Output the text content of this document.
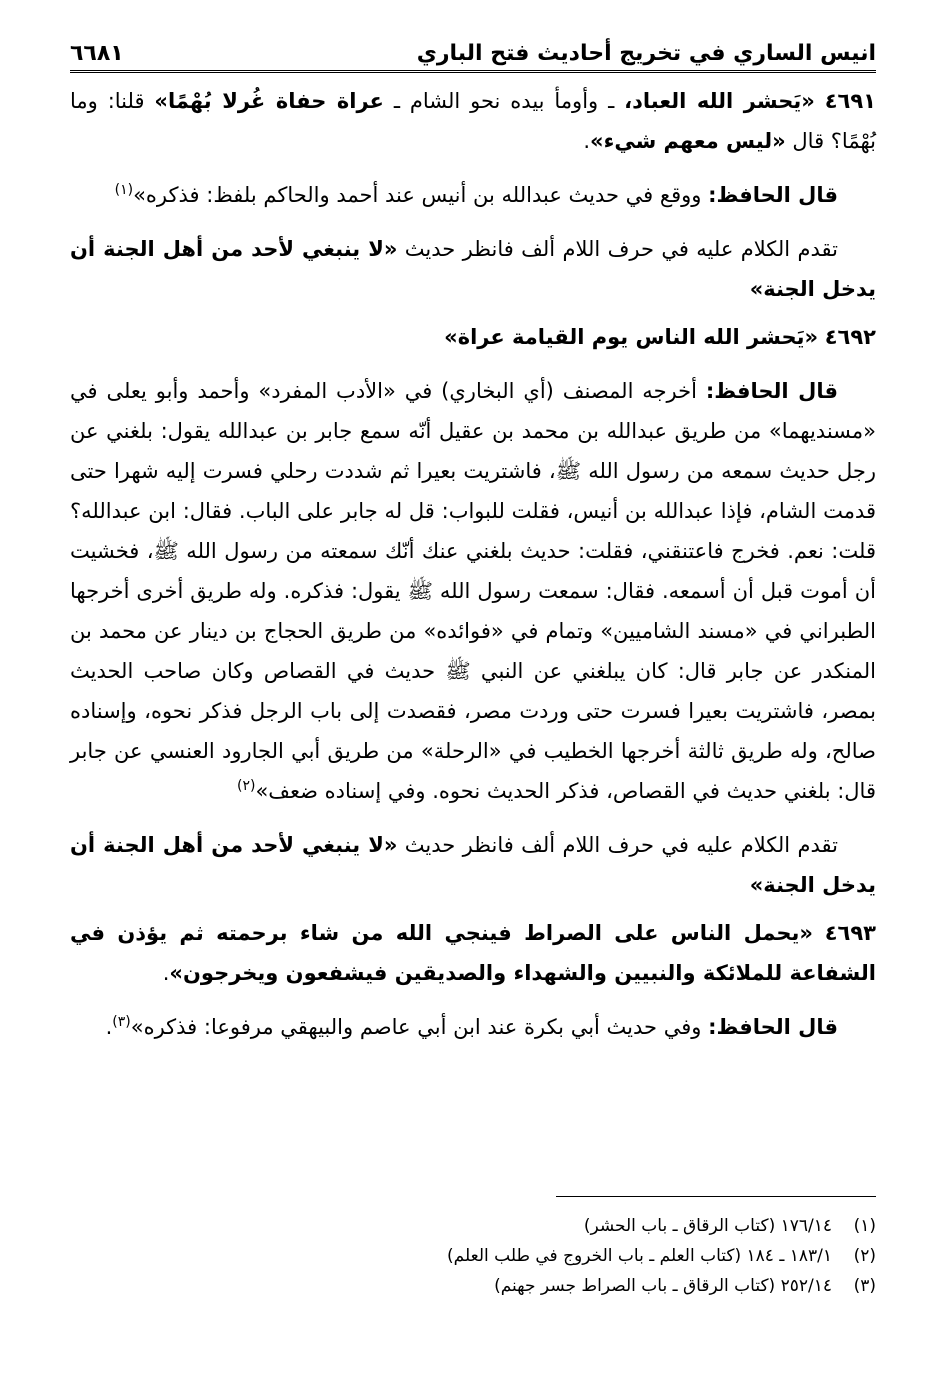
انيس الساري في تخريج أحاديث فتح الباري
٦٦٨١

٤٦٩١ «يَحشر الله العباد، ـ وأومأ بيده نحو الشام ـ عراة حفاة غُرلا بُهْمًا» قلنا: وما بُهْمًا؟ قال «ليس معهم شيء».

قال الحافظ: ووقع في حديث عبدالله بن أنيس عند أحمد والحاكم بلفظ: فذكره»$^{(١)}$

تقدم الكلام عليه في حرف اللام ألف فانظر حديث «لا ينبغي لأحد من أهل الجنة أن يدخل الجنة»

٤٦٩٢ «يَحشر الله الناس يوم القيامة عراة»

قال الحافظ: أخرجه المصنف (أي البخاري) في «الأدب المفرد» وأحمد وأبو يعلى في «مسنديهما» من طريق عبدالله بن محمد بن عقيل أنّه سمع جابر بن عبدالله يقول: بلغني عن رجل حديث سمعه من رسول الله ﷺ، فاشتريت بعيرا ثم شددت رحلي فسرت إليه شهرا حتى قدمت الشام، فإذا عبدالله بن أنيس، فقلت للبواب: قل له جابر على الباب. فقال: ابن عبدالله؟ قلت: نعم. فخرج فاعتنقني، فقلت: حديث بلغني عنك أنّك سمعته من رسول الله ﷺ، فخشيت أن أموت قبل أن أسمعه. فقال: سمعت رسول الله ﷺ يقول: فذكره. وله طريق أخرى أخرجها الطبراني في «مسند الشاميين» وتمام في «فوائده» من طريق الحجاج بن دينار عن محمد بن المنكدر عن جابر قال: كان يبلغني عن النبي ﷺ حديث في القصاص وكان صاحب الحديث بمصر، فاشتريت بعيرا فسرت حتى وردت مصر، فقصدت إلى باب الرجل فذكر نحوه، وإسناده صالح، وله طريق ثالثة أخرجها الخطيب في «الرحلة» من طريق أبي الجارود العنسي عن جابر قال: بلغني حديث في القصاص، فذكر الحديث نحوه. وفي إسناده ضعف»$^{(٢)}$

تقدم الكلام عليه في حرف اللام ألف فانظر حديث «لا ينبغي لأحد من أهل الجنة أن يدخل الجنة»

٤٦٩٣ «يحمل الناس على الصراط فينجي الله من شاء برحمته ثم يؤذن في الشفاعة للملائكة والنبيين والشهداء والصديقين فيشفعون ويخرجون».

قال الحافظ: وفي حديث أبي بكرة عند ابن أبي عاصم والبيهقي مرفوعا: فذكره»$^{(٣)}$.

(١)
١٧٦/١٤ (كتاب الرقاق ـ باب الحشر)
(٢)
١٨٣/١ ـ ١٨٤ (كتاب العلم ـ باب الخروج في طلب العلم)
(٣)
٢٥٢/١٤ (كتاب الرقاق ـ باب الصراط جسر جهنم)
